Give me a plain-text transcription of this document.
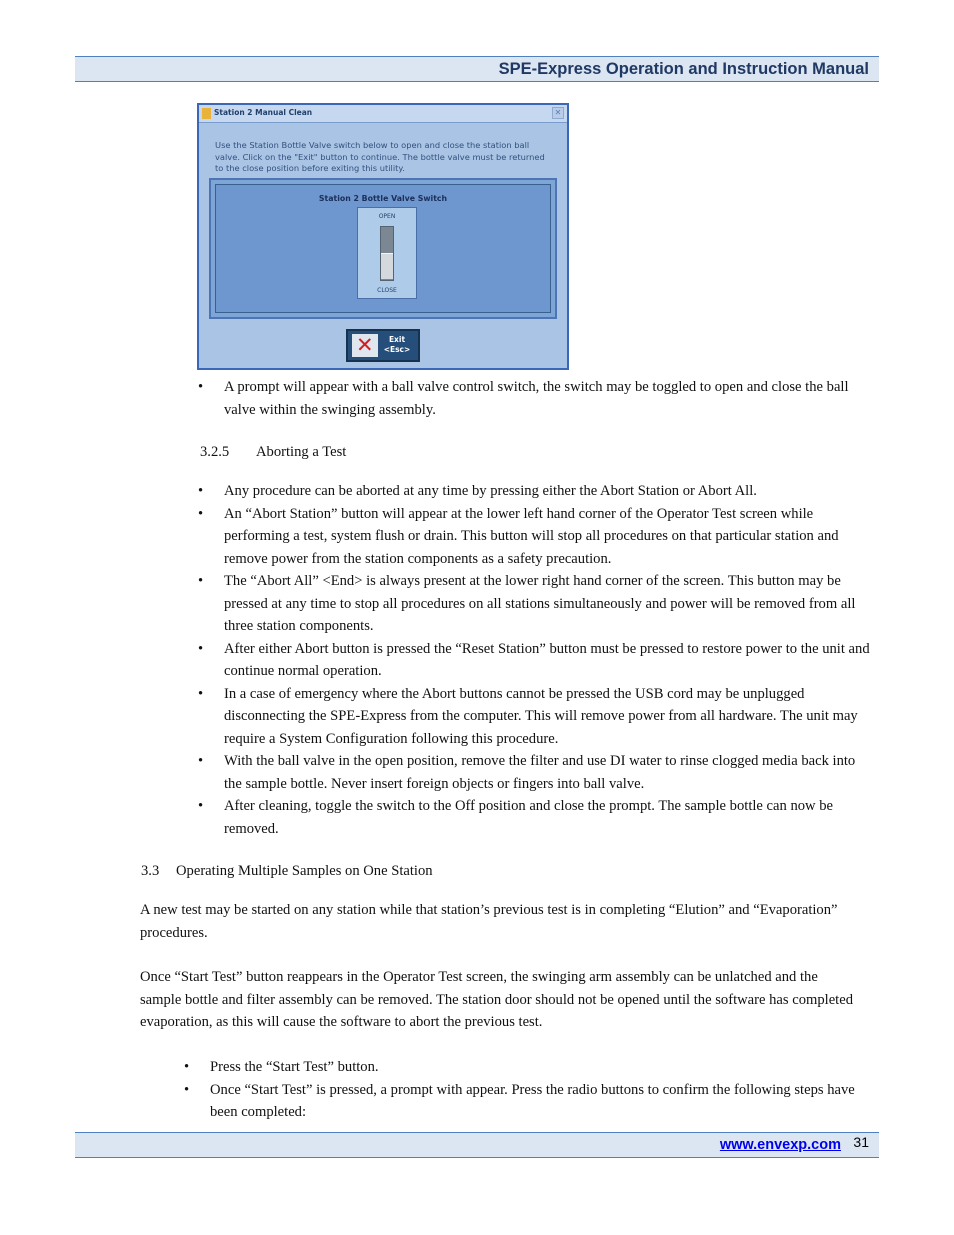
SPE-Express Operation and Instruction Manual
Station 2 Manual Clean	✕
Use the Station Bottle Valve switch below to open and close the station ball valve. Click on the "Exit" button to continue. The bottle valve must be returned to the close position before exiting this utility.
Station 2 Bottle Valve Switch
OPEN
CLOSE
✕	Exit
<Esc>
• A prompt will appear with a ball valve control switch, the switch may be toggled to open and close the ball valve within the swinging assembly.
3.2.5 Aborting a Test
• Any procedure can be aborted at any time by pressing either the Abort Station or Abort All.
• An “Abort Station” button will appear at the lower left hand corner of the Operator Test screen while performing a test, system flush or drain. This button will stop all procedures on that particular station and remove power from the station components as a safety precaution.
• The “Abort All” <End> is always present at the lower right hand corner of the screen. This button may be pressed at any time to stop all procedures on all stations simultaneously and power will be removed from all three station components.
• After either Abort button is pressed the “Reset Station” button must be pressed to restore power to the unit and continue normal operation.
• In a case of emergency where the Abort buttons cannot be pressed the USB cord may be unplugged disconnecting the SPE-Express from the computer. This will remove power from all hardware. The unit may require a System Configuration following this procedure.
• With the ball valve in the open position, remove the filter and use DI water to rinse clogged media back into the sample bottle. Never insert foreign objects or fingers into ball valve.
• After cleaning, toggle the switch to the Off position and close the prompt. The sample bottle can now be removed.
3.3 Operating Multiple Samples on One Station
A new test may be started on any station while that station’s previous test is in completing “Elution” and “Evaporation” procedures.
Once “Start Test” button reappears in the Operator Test screen, the swinging arm assembly can be unlatched and the sample bottle and filter assembly can be removed. The station door should not be opened until the software has completed evaporation, as this will cause the software to abort the previous test.
• Press the “Start Test” button.
• Once “Start Test” is pressed, a prompt with appear. Press the radio buttons to confirm the following steps have been completed:
www.envexp.com 31
